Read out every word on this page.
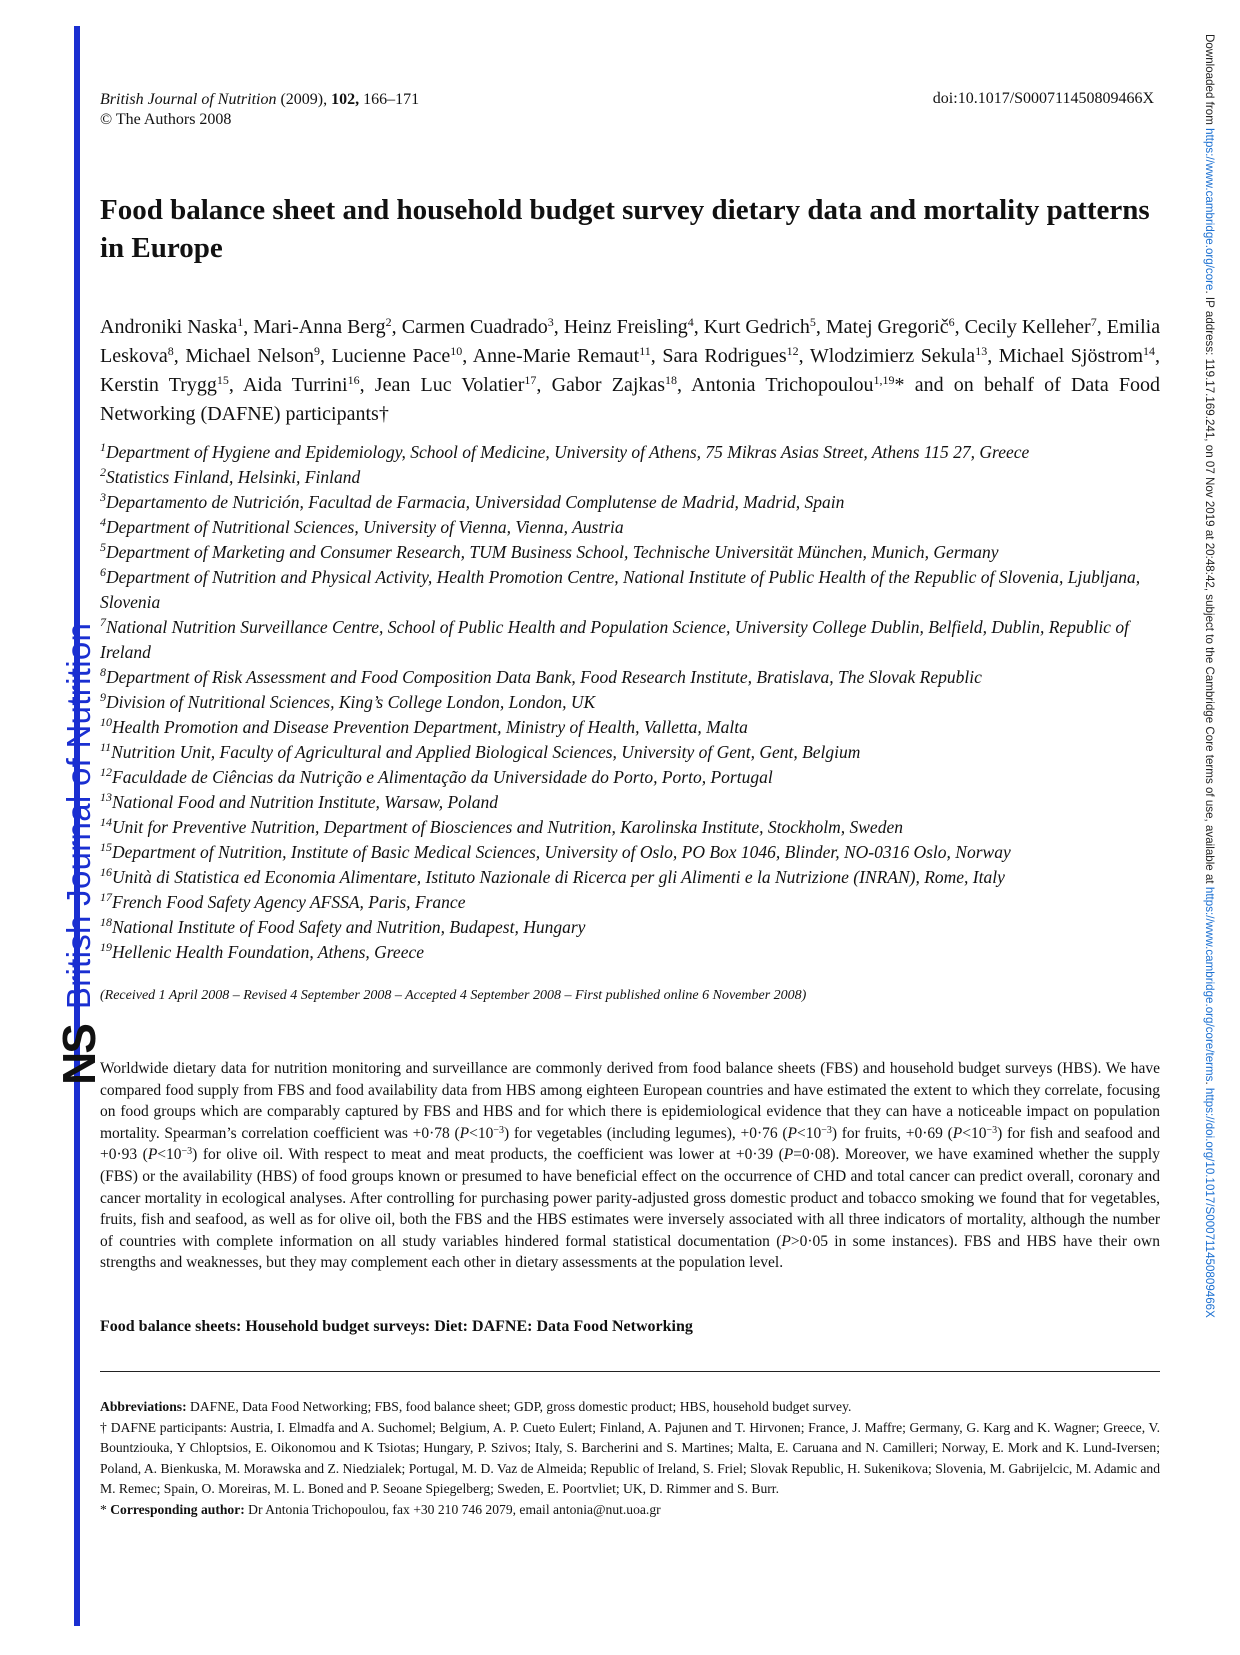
NS
British Journal of Nutrition
Downloaded from https://www.cambridge.org/core. IP address: 119.17.169.241, on 07 Nov 2019 at 20:48:42, subject to the Cambridge Core terms of use, available at https://www.cambridge.org/core/terms. https://doi.org/10.1017/S000711450809466X
British Journal of Nutrition (2009), 102, 166–171
© The Authors 2008
doi:10.1017/S000711450809466X
Food balance sheet and household budget survey dietary data and mortality patterns in Europe
Androniki Naska$^1$, Mari-Anna Berg$^2$, Carmen Cuadrado$^3$, Heinz Freisling$^4$, Kurt Gedrich$^5$, Matej Gregorič$^6$, Cecily Kelleher$^7$, Emilia Leskova$^8$, Michael Nelson$^9$, Lucienne Pace$^{10}$, Anne-Marie Remaut$^{11}$, Sara Rodrigues$^{12}$, Wlodzimierz Sekula$^{13}$, Michael Sjöstrom$^{14}$, Kerstin Trygg$^{15}$, Aida Turrini$^{16}$, Jean Luc Volatier$^{17}$, Gabor Zajkas$^{18}$, Antonia Trichopoulou$^{1,19}$* and on behalf of Data Food Networking (DAFNE) participants†

$^1$Department of Hygiene and Epidemiology, School of Medicine, University of Athens, 75 Mikras Asias Street, Athens 115 27, Greece

$^2$Statistics Finland, Helsinki, Finland

$^3$Departamento de Nutrición, Facultad de Farmacia, Universidad Complutense de Madrid, Madrid, Spain

$^4$Department of Nutritional Sciences, University of Vienna, Vienna, Austria

$^5$Department of Marketing and Consumer Research, TUM Business School, Technische Universität München, Munich, Germany

$^6$Department of Nutrition and Physical Activity, Health Promotion Centre, National Institute of Public Health of the Republic of Slovenia, Ljubljana, Slovenia

$^7$National Nutrition Surveillance Centre, School of Public Health and Population Science, University College Dublin, Belfield, Dublin, Republic of Ireland

$^8$Department of Risk Assessment and Food Composition Data Bank, Food Research Institute, Bratislava, The Slovak Republic

$^9$Division of Nutritional Sciences, King’s College London, London, UK

$^{10}$Health Promotion and Disease Prevention Department, Ministry of Health, Valletta, Malta

$^{11}$Nutrition Unit, Faculty of Agricultural and Applied Biological Sciences, University of Gent, Gent, Belgium

$^{12}$Faculdade de Ciências da Nutrição e Alimentação da Universidade do Porto, Porto, Portugal

$^{13}$National Food and Nutrition Institute, Warsaw, Poland

$^{14}$Unit for Preventive Nutrition, Department of Biosciences and Nutrition, Karolinska Institute, Stockholm, Sweden

$^{15}$Department of Nutrition, Institute of Basic Medical Sciences, University of Oslo, PO Box 1046, Blinder, NO-0316 Oslo, Norway

$^{16}$Unità di Statistica ed Economia Alimentare, Istituto Nazionale di Ricerca per gli Alimenti e la Nutrizione (INRAN), Rome, Italy

$^{17}$French Food Safety Agency AFSSA, Paris, France

$^{18}$National Institute of Food Safety and Nutrition, Budapest, Hungary

$^{19}$Hellenic Health Foundation, Athens, Greece

(Received 1 April 2008 – Revised 4 September 2008 – Accepted 4 September 2008 – First published online 6 November 2008)

Worldwide dietary data for nutrition monitoring and surveillance are commonly derived from food balance sheets (FBS) and household budget surveys (HBS). We have compared food supply from FBS and food availability data from HBS among eighteen European countries and have estimated the extent to which they correlate, focusing on food groups which are comparably captured by FBS and HBS and for which there is epidemiological evidence that they can have a noticeable impact on population mortality. Spearman’s correlation coefficient was +0·78 $(P<10^{-3})$ for vegetables (including legumes), +0·76 $(P<10^{-3})$ for fruits, +0·69 $(P<10^{-3})$ for fish and seafood and +0·93 $(P<10^{-3})$ for olive oil. With respect to meat and meat products, the coefficient was lower at +0·39 (P=0·08). Moreover, we have examined whether the supply (FBS) or the availability (HBS) of food groups known or presumed to have beneficial effect on the occurrence of CHD and total cancer can predict overall, coronary and cancer mortality in ecological analyses. After controlling for purchasing power parity-adjusted gross domestic product and tobacco smoking we found that for vegetables, fruits, fish and seafood, as well as for olive oil, both the FBS and the HBS estimates were inversely associated with all three indicators of mortality, although the number of countries with complete information on all study variables hindered formal statistical documentation (P>0·05 in some instances). FBS and HBS have their own strengths and weaknesses, but they may complement each other in dietary assessments at the population level.

Food balance sheets: Household budget surveys: Diet: DAFNE: Data Food Networking

Abbreviations: DAFNE, Data Food Networking; FBS, food balance sheet; GDP, gross domestic product; HBS, household budget survey.

† DAFNE participants: Austria, I. Elmadfa and A. Suchomel; Belgium, A. P. Cueto Eulert; Finland, A. Pajunen and T. Hirvonen; France, J. Maffre; Germany, G. Karg and K. Wagner; Greece, V. Bountziouka, Y Chloptsios, E. Oikonomou and K Tsiotas; Hungary, P. Szivos; Italy, S. Barcherini and S. Martines; Malta, E. Caruana and N. Camilleri; Norway, E. Mork and K. Lund-Iversen; Poland, A. Bienkuska, M. Morawska and Z. Niedzialek; Portugal, M. D. Vaz de Almeida; Republic of Ireland, S. Friel; Slovak Republic, H. Sukenikova; Slovenia, M. Gabrijelcic, M. Adamic and M. Remec; Spain, O. Moreiras, M. L. Boned and P. Seoane Spiegelberg; Sweden, E. Poortvliet; UK, D. Rimmer and S. Burr.

* Corresponding author: Dr Antonia Trichopoulou, fax +30 210 746 2079, email antonia@nut.uoa.gr
